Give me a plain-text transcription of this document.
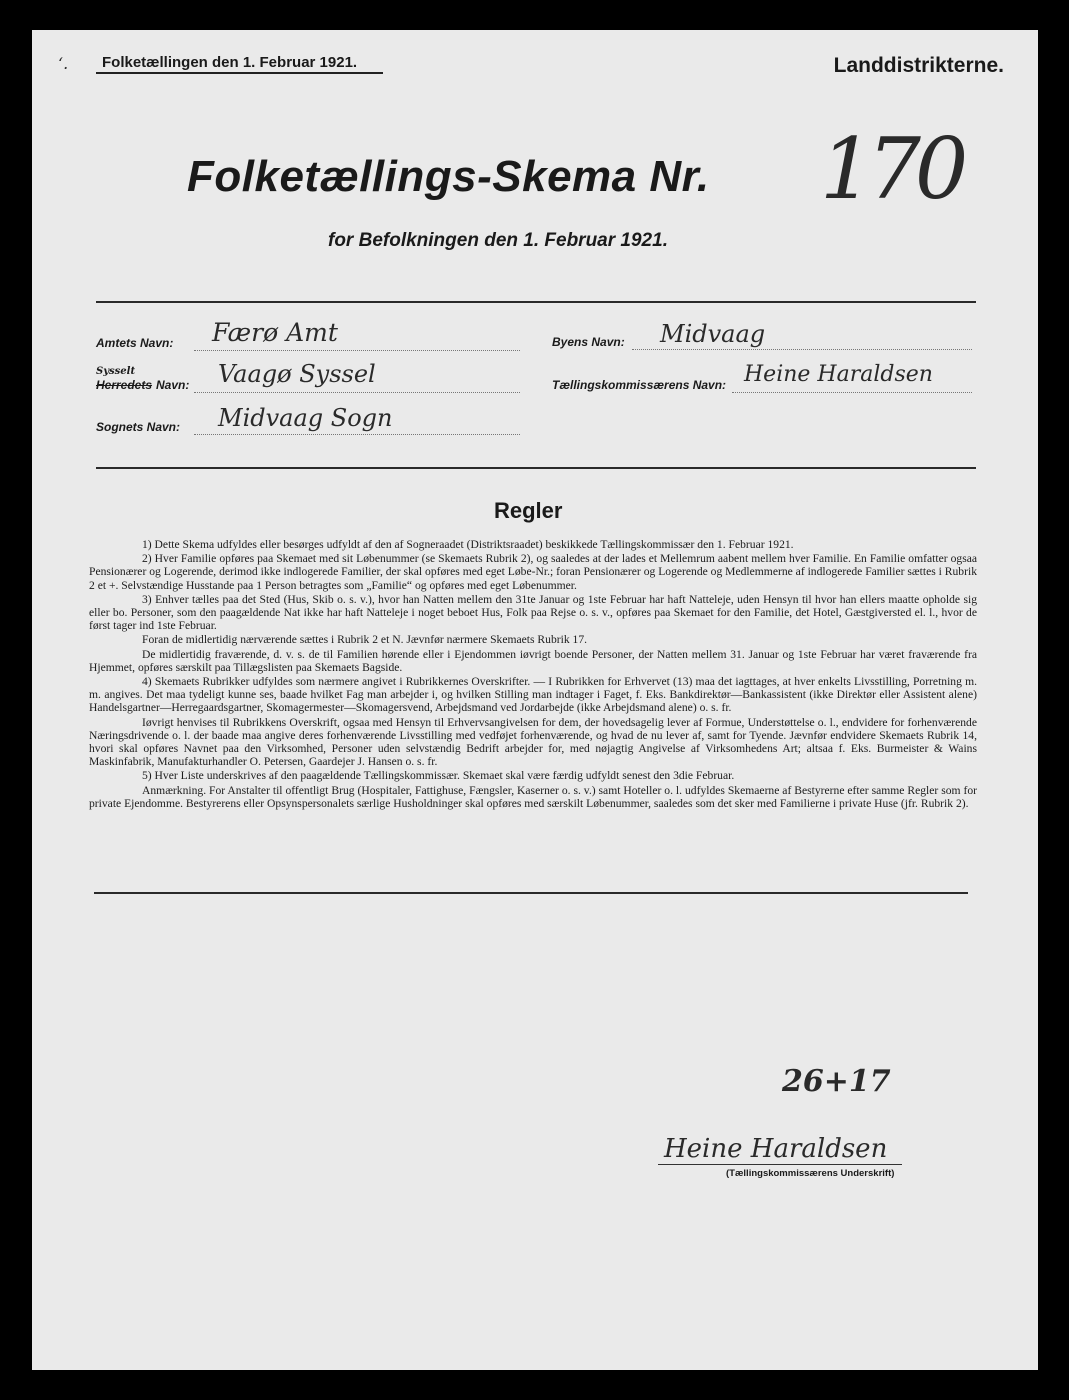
ʻ. Folketællingen den 1. Februar 1921.	Landdistrikterne.
Folketællings-Skema Nr. 170
for Befolkningen den 1. Februar 1921.
Amtets Navn: Færø Amt
Sysselt
Herredets Navn: Vaagø Syssel
Sognets Navn: Midvaag Sogn
Byens Navn: Midvaag
Tællingskommissærens Navn: Heine Haraldsen
Regler

1) Dette Skema udfyldes eller besørges udfyldt af den af Sogneraadet (Distriktsraadet) beskikkede Tællingskommissær den 1. Februar 1921.

2) Hver Familie opføres paa Skemaet med sit Løbenummer (se Skemaets Rubrik 2), og saaledes at der lades et Mellemrum aabent mellem hver Familie. En Familie omfatter ogsaa Pensionærer og Logerende, derimod ikke indlogerede Familier, der skal opføres med eget Løbe-Nr.; foran Pensionærer og Logerende og Medlemmerne af indlogerede Familier sættes i Rubrik 2 et +. Selvstændige Husstande paa 1 Person betragtes som „Familie“ og opføres med eget Løbenummer.

3) Enhver tælles paa det Sted (Hus, Skib o. s. v.), hvor han Natten mellem den 31te Januar og 1ste Februar har haft Natteleje, uden Hensyn til hvor han ellers maatte opholde sig eller bo. Personer, som den paagældende Nat ikke har haft Natteleje i noget beboet Hus, Folk paa Rejse o. s. v., opføres paa Skemaet for den Familie, det Hotel, Gæstgiversted el. l., hvor de først tager ind 1ste Februar.

Foran de midlertidig nærværende sættes i Rubrik 2 et N. Jævnfør nærmere Skemaets Rubrik 17.

De midlertidig fraværende, d. v. s. de til Familien hørende eller i Ejendommen iøvrigt boende Personer, der Natten mellem 31. Januar og 1ste Februar har været fraværende fra Hjemmet, opføres særskilt paa Tillægslisten paa Skemaets Bagside.

4) Skemaets Rubrikker udfyldes som nærmere angivet i Rubrikkernes Overskrifter. — I Rubrikken for Erhvervet (13) maa det iagttages, at hver enkelts Livsstilling, Porretning m. m. angives. Det maa tydeligt kunne ses, baade hvilket Fag man arbejder i, og hvilken Stilling man indtager i Faget, f. Eks. Bankdirektør—Bankassistent (ikke Direktør eller Assistent alene) Handelsgartner—Herregaardsgartner, Skomagermester—Skomagersvend, Arbejdsmand ved Jordarbejde (ikke Arbejdsmand alene) o. s. fr.

Iøvrigt henvises til Rubrikkens Overskrift, ogsaa med Hensyn til Erhvervsangivelsen for dem, der hovedsagelig lever af Formue, Understøttelse o. l., endvidere for forhenværende Næringsdrivende o. l. der baade maa angive deres forhenværende Livsstilling med vedføjet forhenværende, og hvad de nu lever af, samt for Tyende. Jævnfør endvidere Skemaets Rubrik 14, hvori skal opføres Navnet paa den Virksomhed, Personer uden selvstændig Bedrift arbejder for, med nøjagtig Angivelse af Virksomhedens Art; altsaa f. Eks. Burmeister & Wains Maskinfabrik, Manufakturhandler O. Petersen, Gaardejer J. Hansen o. s. fr.

5) Hver Liste underskrives af den paagældende Tællingskommissær. Skemaet skal være færdig udfyldt senest den 3die Februar.

Anmærkning. For Anstalter til offentligt Brug (Hospitaler, Fattighuse, Fængsler, Kaserner o. s. v.) samt Hoteller o. l. udfyldes Skemaerne af Bestyrerne efter samme Regler som for private Ejendomme. Bestyrerens eller Opsynspersonalets særlige Husholdninger skal opføres med særskilt Løbenummer, saaledes som det sker med Familierne i private Huse (jfr. Rubrik 2).

26+17
Heine Haraldsen
(Tællingskommissærens Underskrift)
